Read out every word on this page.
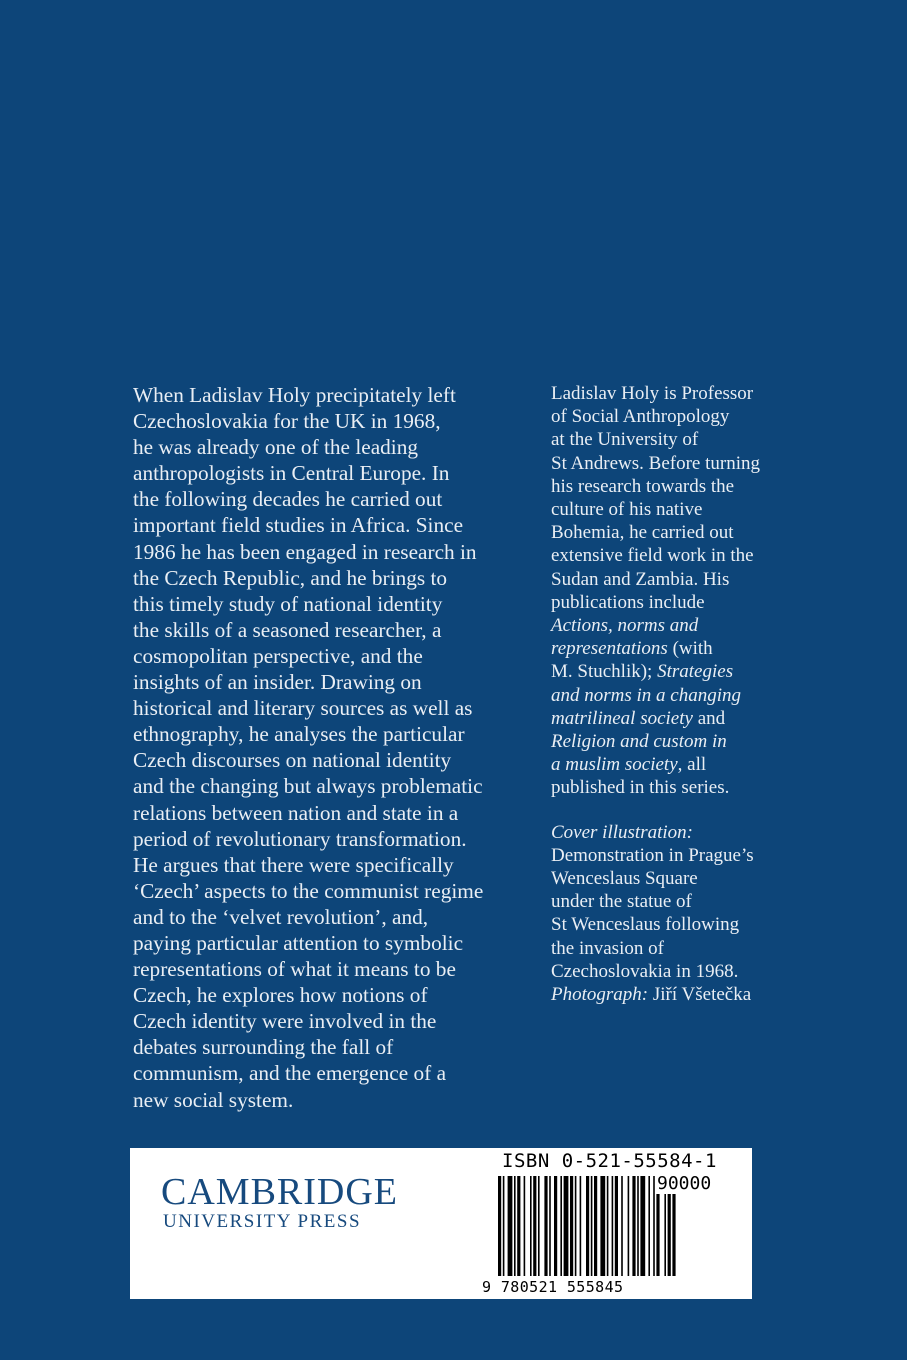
When Ladislav Holy precipitately left
Czechoslovakia for the UK in 1968,
he was already one of the leading
anthropologists in Central Europe. In
the following decades he carried out
important field studies in Africa. Since
1986 he has been engaged in research in
the Czech Republic, and he brings to
this timely study of national identity
the skills of a seasoned researcher, a
cosmopolitan perspective, and the
insights of an insider. Drawing on
historical and literary sources as well as
ethnography, he analyses the particular
Czech discourses on national identity
and the changing but always problematic
relations between nation and state in a
period of revolutionary transformation.
He argues that there were specifically
‘Czech’ aspects to the communist regime
and to the ‘velvet revolution’, and,
paying particular attention to symbolic
representations of what it means to be
Czech, he explores how notions of
Czech identity were involved in the
debates surrounding the fall of
communism, and the emergence of a
new social system.

Ladislav Holy is Professor
of Social Anthropology
at the University of
St Andrews. Before turning
his research towards the
culture of his native
Bohemia, he carried out
extensive field work in the
Sudan and Zambia. His
publications include
Actions, norms and
representations (with
M. Stuchlik); Strategies
and norms in a changing
matrilineal society and
Religion and custom in
a muslim society, all
published in this series.

Cover illustration:
Demonstration in Prague’s
Wenceslaus Square
under the statue of
St Wenceslaus following
the invasion of
Czechoslovakia in 1968.
Photograph: Jiří Všetečka

CAMBRIDGE
UNIVERSITY PRESS
ISBN 0-521-55584-1
90000
9 780521 555845
